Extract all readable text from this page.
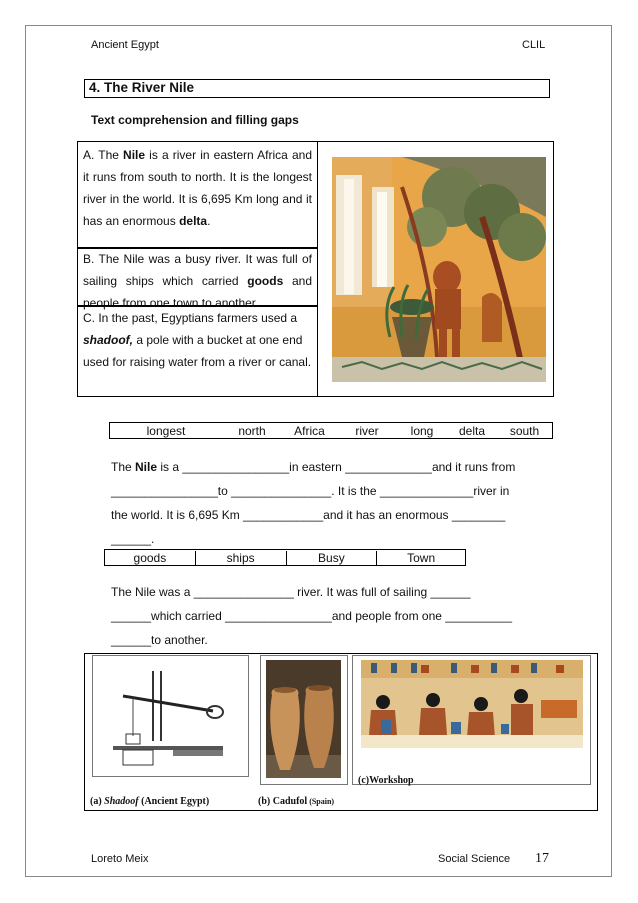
Ancient Egypt	CLIL
4. The River Nile
Text comprehension and filling gaps
A. The Nile is a river in eastern Africa and it runs from south to north. It is the longest river in the world. It is 6,695 Km long and it has an enormous delta.
B. The Nile was a busy river. It was full of sailing ships which carried goods and people from one town to another.
C. In the past, Egyptians farmers used a shadoof, a pole with a bucket at one end used for raising water from a river or canal.
longest	north	Africa	river	long	delta	south
The Nile is a ________________in eastern _____________and it runs from
________________to _______________. It is the ______________river in
the world. It is 6,695 Km ____________and it has an enormous ________
______.
goods	ships	Busy	Town
The Nile was a _______________ river. It was full of sailing ______
______which carried ________________and people from one __________
______to another.
(c)Workshop
(a) Shadoof (Ancient Egypt)	(b) Cadufol (Spain)
Loreto Meix	Social Science 17
